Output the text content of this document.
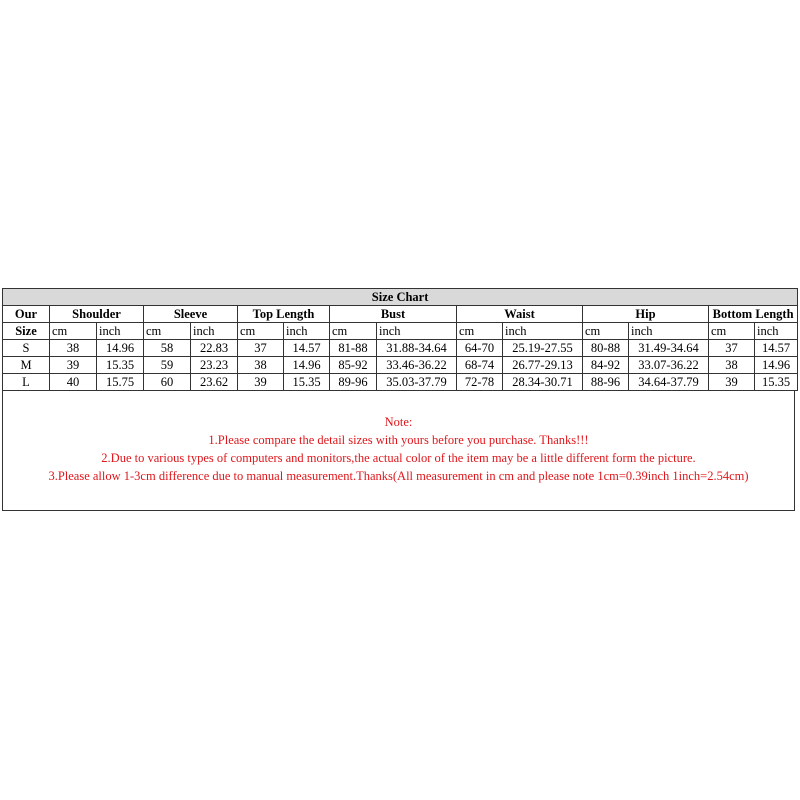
Size Chart														
Our	Shoulder		Sleeve		Top Length		Bust		Waist		Hip		Bottom Length	
Size	cm	inch	cm	inch	cm	inch	cm	inch	cm	inch	cm	inch	cm	inch
S	38	14.96	58	22.83	37	14.57	81-88	31.88-34.64	64-70	25.19-27.55	80-88	31.49-34.64	37	14.57
M	39	15.35	59	23.23	38	14.96	85-92	33.46-36.22	68-74	26.77-29.13	84-92	33.07-36.22	38	14.96
L	40	15.75	60	23.62	39	15.35	89-96	35.03-37.79	72-78	28.34-30.71	88-96	34.64-37.79	39	15.35
Note:
1.Please compare the detail sizes with yours before you purchase. Thanks!!!
2.Due to various types of computers and monitors,the actual color of the item may be a little different form the picture.
3.Please allow 1-3cm difference due to manual measurement.Thanks(All measurement in cm and please note 1cm=0.39inch 1inch=2.54cm)
